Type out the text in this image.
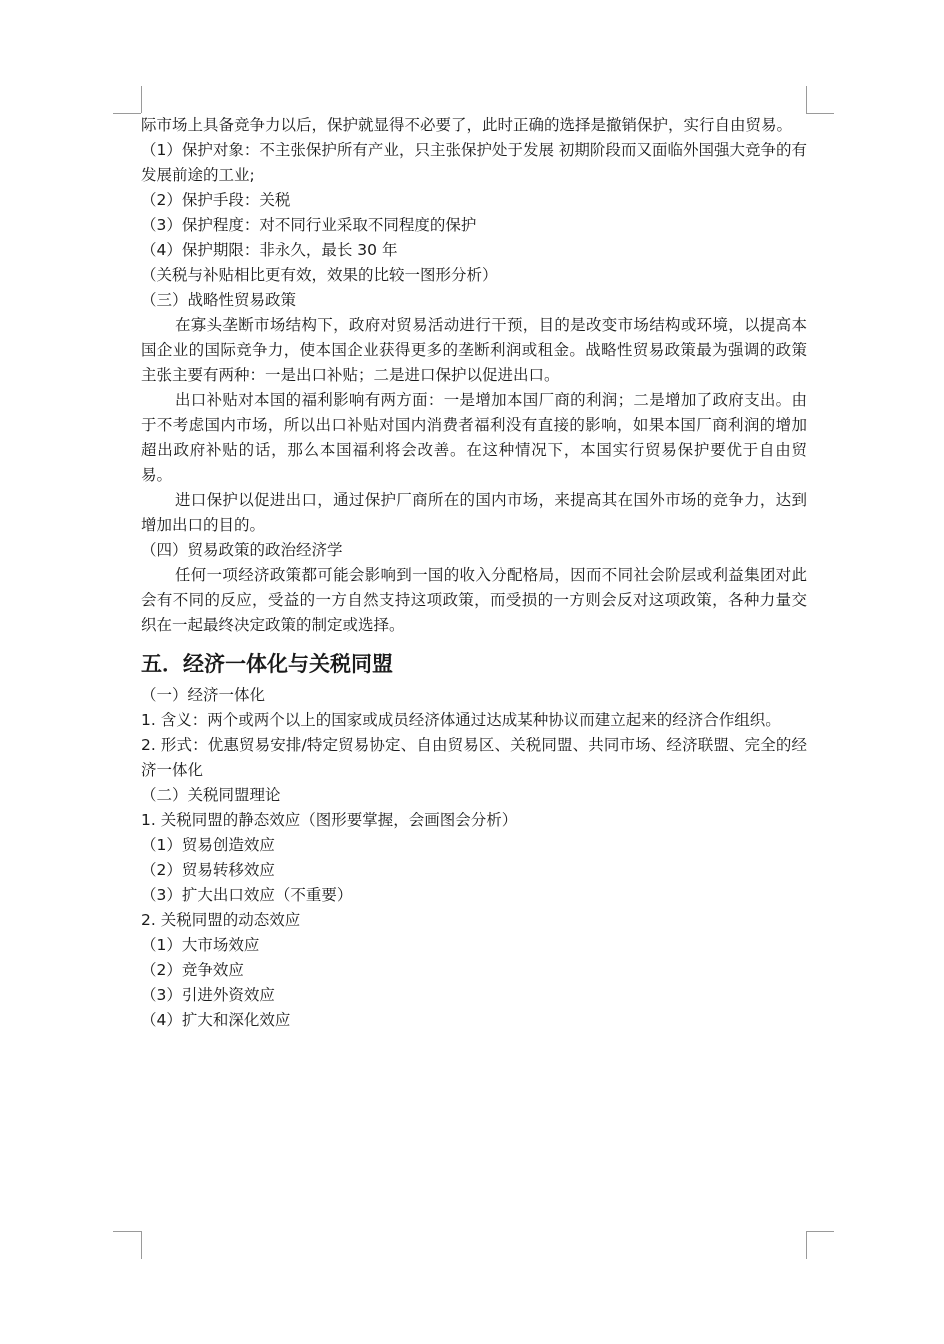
际市场上具备竞争力以后，保护就显得不必要了，此时正确的选择是撤销保护，实行自由贸易。

（1）保护对象：不主张保护所有产业，只主张保护处于发展 初期阶段而又面临外国强大竞争的有发展前途的工业;

（2）保护手段：关税

（3）保护程度：对不同行业采取不同程度的保护

（4）保护期限：非永久，最长 30 年

（关税与补贴相比更有效，效果的比较一图形分析）

（三）战略性贸易政策

在寡头垄断市场结构下，政府对贸易活动进行干预，目的是改变市场结构或环境，以提高本国企业的国际竞争力，使本国企业获得更多的垄断利润或租金。战略性贸易政策最为强调的政策主张主要有两种：一是出口补贴；二是进口保护以促进出口。

出口补贴对本国的福利影响有两方面：一是增加本国厂商的利润；二是增加了政府支出。由于不考虑国内市场，所以出口补贴对国内消费者福利没有直接的影响，如果本国厂商利润的增加超出政府补贴的话，那么本国福利将会改善。在这种情况下，本国实行贸易保护要优于自由贸易。

进口保护以促进出口，通过保护厂商所在的国内市场，来提高其在国外市场的竞争力，达到增加出口的目的。

（四）贸易政策的政治经济学

任何一项经济政策都可能会影响到一国的收入分配格局，因而不同社会阶层或利益集团对此会有不同的反应，受益的一方自然支持这项政策，而受损的一方则会反对这项政策，各种力量交织在一起最终决定政策的制定或选择。

五．经济一体化与关税同盟

（一）经济一体化

1. 含义：两个或两个以上的国家或成员经济体通过达成某种协议而建立起来的经济合作组织。

2. 形式：优惠贸易安排/特定贸易协定、自由贸易区、关税同盟、共同市场、经济联盟、完全的经济一体化

（二）关税同盟理论

1. 关税同盟的静态效应（图形要掌握，会画图会分析）

（1）贸易创造效应

（2）贸易转移效应

（3）扩大出口效应（不重要）

2. 关税同盟的动态效应

（1）大市场效应

（2）竞争效应

（3）引进外资效应

（4）扩大和深化效应
